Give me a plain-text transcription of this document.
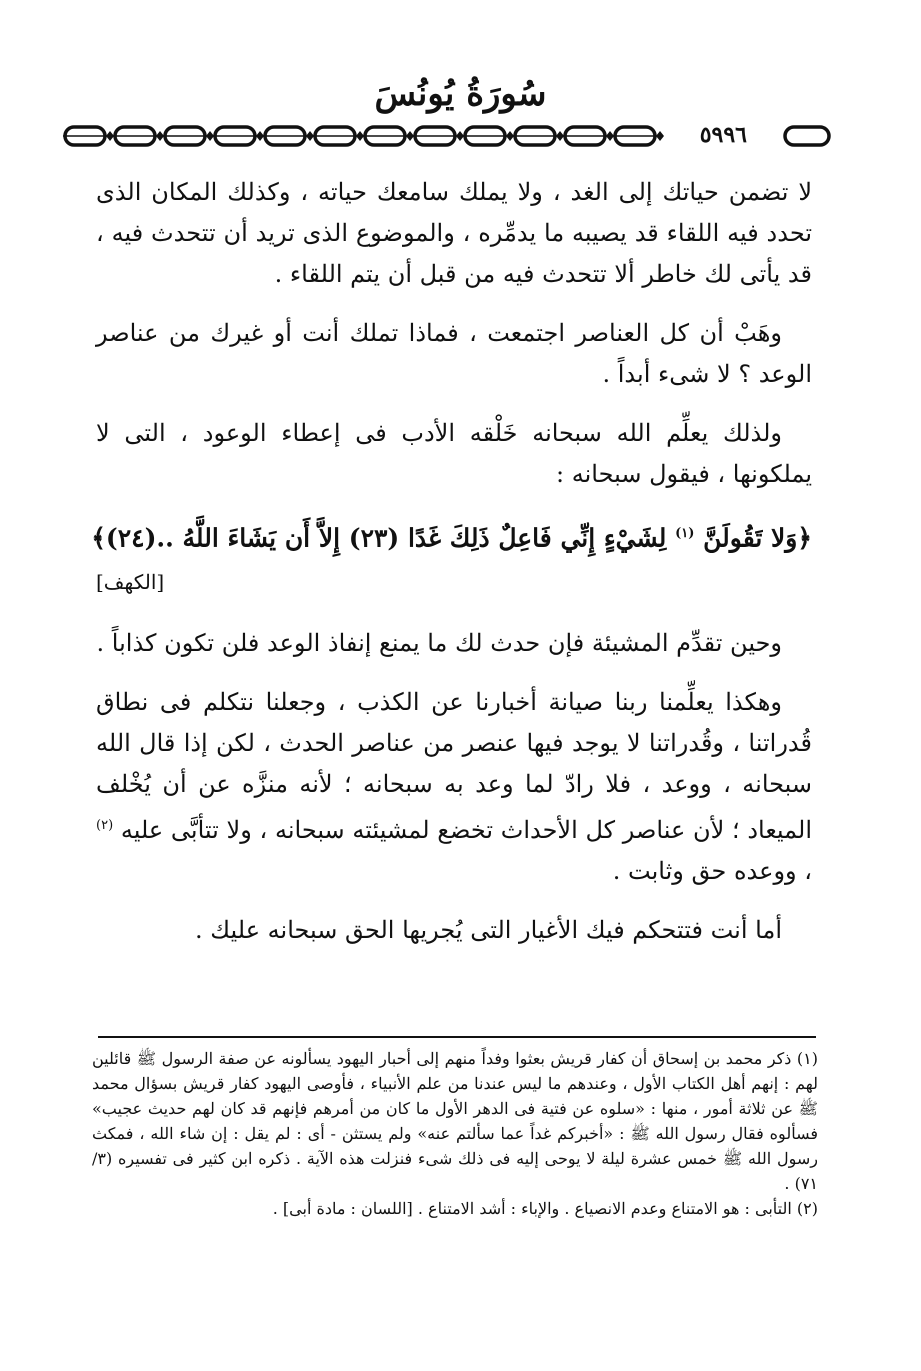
سُورَةُ يُونُسَ
٥٩٩٦

لا تضمن حياتك إلى الغد ، ولا يملك سامعك حياته ، وكذلك المكان الذى تحدد فيه اللقاء قد يصيبه ما يدمِّره ، والموضوع الذى تريد أن تتحدث فيه ، قد يأتى لك خاطر ألا تتحدث فيه من قبل أن يتم اللقاء .

وهَبْ أن كل العناصر اجتمعت ، فماذا تملك أنت أو غيرك من عناصر الوعد ؟ لا شىء أبداً .

ولذلك يعلِّم الله سبحانه خَلْقه الأدب فى إعطاء الوعود ، التى لا يملكونها ، فيقول سبحانه :

﴿وَلا تَقُولَنَّ $^{(١)}$ لِشَيْءٍ إِنِّي فَاعِلٌ ذَلِكَ غَدًا (٢٣) إِلاَّ أَن يَشَاءَ اللَّهُ ..(٢٤)﴾

[الكهف]

وحين تقدِّم المشيئة فإن حدث لك ما يمنع إنفاذ الوعد فلن تكون كذاباً .

وهكذا يعلِّمنا ربنا صيانة أخبارنا عن الكذب ، وجعلنا نتكلم فى نطاق قُدراتنا ، وقُدراتنا لا يوجد فيها عنصر من عناصر الحدث ، لكن إذا قال الله سبحانه ، ووعد ، فلا رادّ لما وعد به سبحانه ؛ لأنه منزَّه عن أن يُخْلف الميعاد ؛ لأن عناصر كل الأحداث تخضع لمشيئته سبحانه ، ولا تتأبَّى عليه $^{(٢)}$ ، ووعده حق وثابت .

أما أنت فتتحكم فيك الأغيار التى يُجريها الحق سبحانه عليك .

(١) ذكر محمد بن إسحاق أن كفار قريش بعثوا وفداً منهم إلى أحبار اليهود يسألونه عن صفة الرسول ﷺ قائلين لهم : إنهم أهل الكتاب الأول ، وعندهم ما ليس عندنا من علم الأنبياء ، فأوصى اليهود كفار قريش بسؤال محمد ﷺ عن ثلاثة أمور ، منها : «سلوه عن فتية فى الدهر الأول ما كان من أمرهم فإنهم قد كان لهم حديث عجيب» فسألوه فقال رسول الله ﷺ : «أخبركم غداً عما سألتم عنه» ولم يستثن - أى : لم يقل : إن شاء الله ، فمكث رسول الله ﷺ خمس عشرة ليلة لا يوحى إليه فى ذلك شىء فنزلت هذه الآية . ذكره ابن كثير فى تفسيره (٣/ ٧١) .

(٢) التأبى : هو الامتناع وعدم الانصياع . والإباء : أشد الامتناع . [اللسان : مادة أبى] .
